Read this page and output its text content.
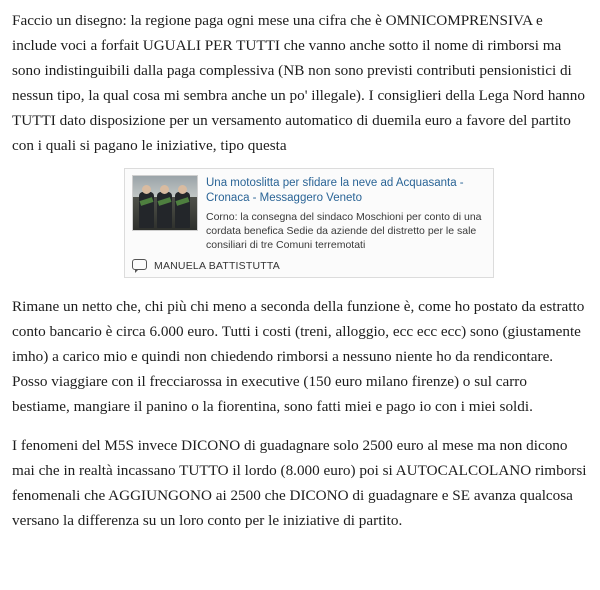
Faccio un disegno: la regione paga ogni mese una cifra che è OMNICOMPRENSIVA e include voci a forfait UGUALI PER TUTTI che vanno anche sotto il nome di rimborsi ma sono indistinguibili dalla paga complessiva (NB non sono previsti contributi pensionistici di nessun tipo, la qual cosa mi sembra anche un po' illegale). I consiglieri della Lega Nord hanno TUTTI dato disposizione per un versamento automatico di duemila euro a favore del partito con i quali si pagano le iniziative, tipo questa

Una motoslitta per sfidare la neve ad Acquasanta - Cronaca - Messaggero Veneto

Corno: la consegna del sindaco Moschioni per conto di una cordata benefica Sedie da aziende del distretto per le sale consiliari di tre Comuni terremotati

MANUELA BATTISTUTTA

Rimane un netto che, chi più chi meno a seconda della funzione è, come ho postato da estratto conto bancario è circa 6.000 euro. Tutti i costi (treni, alloggio, ecc ecc ecc) sono (giustamente imho) a carico mio e quindi non chiedendo rimborsi a nessuno niente ho da rendicontare. Posso viaggiare con il frecciarossa in executive (150 euro milano firenze) o sul carro bestiame, mangiare il panino o la fiorentina, sono fatti miei e pago io con i miei soldi.

I fenomeni del M5S invece DICONO di guadagnare solo 2500 euro al mese ma non dicono mai che in realtà incassano TUTTO il lordo (8.000 euro) poi si AUTOCALCOLANO rimborsi fenomenali che AGGIUNGONO ai 2500 che DICONO di guadagnare e SE avanza qualcosa versano la differenza su un loro conto per le iniziative di partito.
